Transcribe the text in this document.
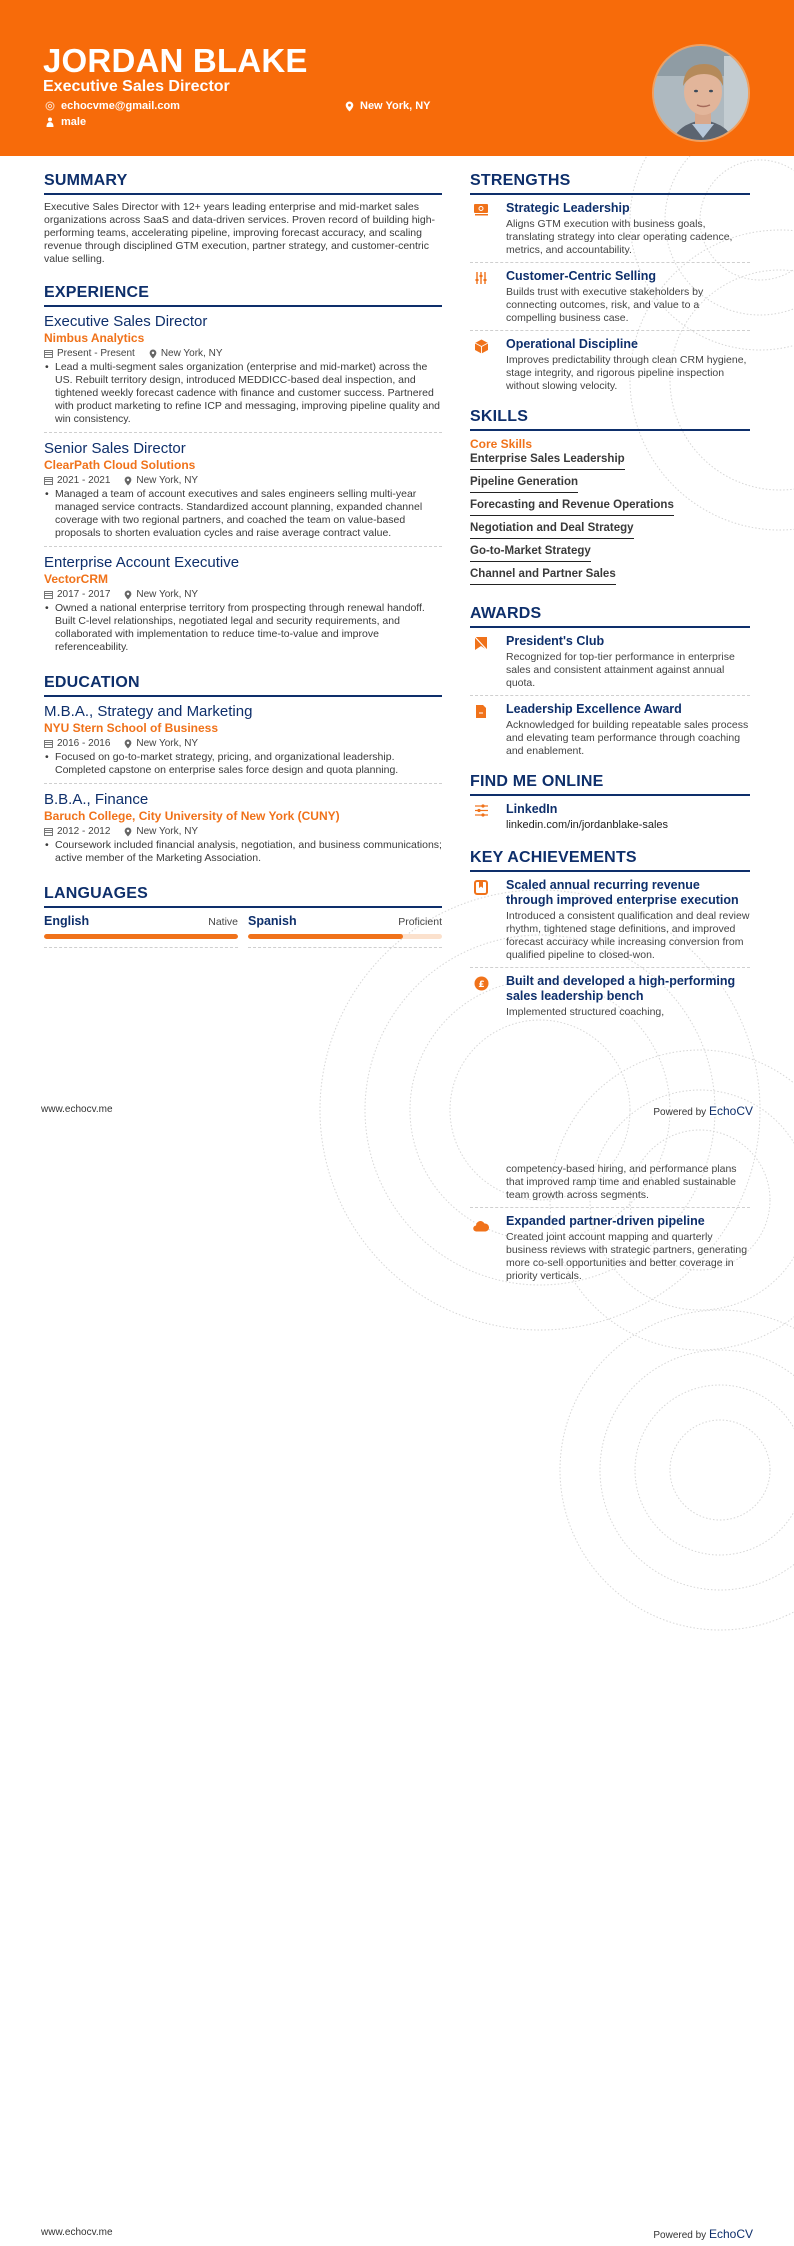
JORDAN BLAKE
Executive Sales Director
echocvme@gmail.com
male
New York, NY
SUMMARY

Executive Sales Director with 12+ years leading enterprise and mid-market sales organizations across SaaS and data-driven services. Proven record of building high-performing teams, accelerating pipeline, improving forecast accuracy, and scaling revenue through disciplined GTM execution, partner strategy, and customer-centric value selling.

EXPERIENCE
Executive Sales Director
Nimbus Analytics
Present - Present	New York, NY
• Lead a multi-segment sales organization (enterprise and mid-market) across the US. Rebuilt territory design, introduced MEDDICC-based deal inspection, and tightened weekly forecast cadence with finance and customer success. Partnered with product marketing to refine ICP and messaging, improving pipeline quality and win consistency.
Senior Sales Director
ClearPath Cloud Solutions
2021 - 2021	New York, NY
• Managed a team of account executives and sales engineers selling multi-year managed service contracts. Standardized account planning, expanded channel coverage with two regional partners, and coached the team on value-based proposals to shorten evaluation cycles and raise average contract value.
Enterprise Account Executive
VectorCRM
2017 - 2017	New York, NY
• Owned a national enterprise territory from prospecting through renewal handoff. Built C-level relationships, negotiated legal and security requirements, and collaborated with implementation to reduce time-to-value and improve referenceability.
EDUCATION
M.B.A., Strategy and Marketing
NYU Stern School of Business
2016 - 2016	New York, NY
• Focused on go-to-market strategy, pricing, and organizational leadership. Completed capstone on enterprise sales force design and quota planning.
B.B.A., Finance
Baruch College, City University of New York (CUNY)
2012 - 2012	New York, NY
• Coursework included financial analysis, negotiation, and business communications; active member of the Marketing Association.
LANGUAGES
English	Native Spanish	Proficient
STRENGTHS
Strategic Leadership
Aligns GTM execution with business goals, translating strategy into clear operating cadence, metrics, and accountability.
Customer-Centric Selling
Builds trust with executive stakeholders by connecting outcomes, risk, and value to a compelling business case.
Operational Discipline
Improves predictability through clean CRM hygiene, stage integrity, and rigorous pipeline inspection without slowing velocity.
SKILLS
Core Skills
Enterprise Sales Leadership
Pipeline Generation
Forecasting and Revenue Operations
Negotiation and Deal Strategy
Go-to-Market Strategy
Channel and Partner Sales
AWARDS
President's Club
Recognized for top-tier performance in enterprise sales and consistent attainment against annual quota.
Leadership Excellence Award
Acknowledged for building repeatable sales process and elevating team performance through coaching and enablement.
FIND ME ONLINE
LinkedIn
linkedin.com/in/jordanblake-sales
KEY ACHIEVEMENTS
Scaled annual recurring revenue through improved enterprise execution
Introduced a consistent qualification and deal review rhythm, tightened stage definitions, and improved forecast accuracy while increasing conversion from qualified pipeline to closed-won.
£ Built and developed a high-performing sales leadership bench
Implemented structured coaching,
www.echocv.me	Powered by EchoCV
competency-based hiring, and performance plans that improved ramp time and enabled sustainable team growth across segments.
Expanded partner-driven pipeline
Created joint account mapping and quarterly business reviews with strategic partners, generating more co-sell opportunities and better coverage in priority verticals.
www.echocv.me	Powered by EchoCV
